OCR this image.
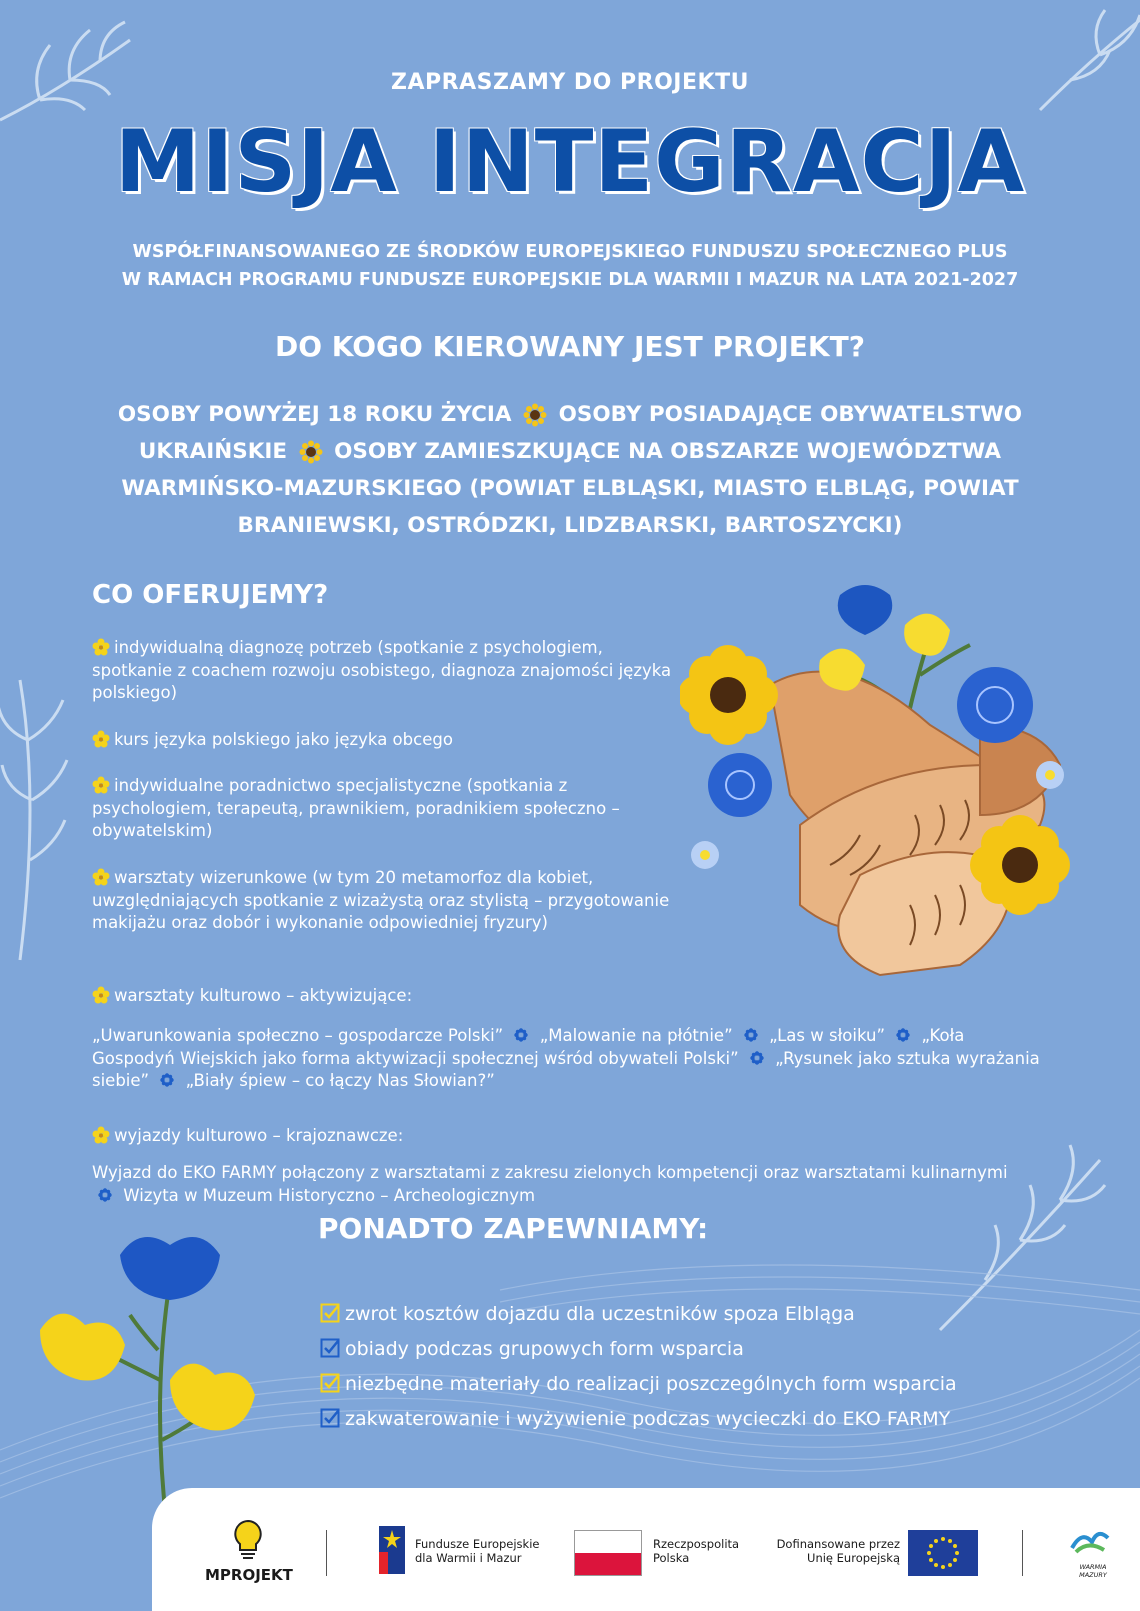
ZAPRASZAMY DO PROJEKTU
MISJA INTEGRACJA
WSPÓŁFINANSOWANEGO ZE ŚRODKÓW EUROPEJSKIEGO FUNDUSZU SPOŁECZNEGO PLUS
W RAMACH PROGRAMU FUNDUSZE EUROPEJSKIE DLA WARMII I MAZUR NA LATA 2021-2027
DO KOGO KIEROWANY JEST PROJEKT?
OSOBY POWYŻEJ 18 ROKU ŻYCIA OSOBY POSIADAJĄCE OBYWATELSTWO UKRAIŃSKIE OSOBY ZAMIESZKUJĄCE NA OBSZARZE WOJEWÓDZTWA WARMIŃSKO-MAZURSKIEGO (POWIAT ELBLĄSKI, MIASTO ELBLĄG, POWIAT BRANIEWSKI, OSTRÓDZKI, LIDZBARSKI, BARTOSZYCKI)
CO OFERUJEMY?
indywidualną diagnozę potrzeb (spotkanie z psychologiem, spotkanie z coachem rozwoju osobistego, diagnoza znajomości języka polskiego)
kurs języka polskiego jako języka obcego
indywidualne poradnictwo specjalistyczne (spotkania z psychologiem, terapeutą, prawnikiem, poradnikiem społeczno – obywatelskim)
warsztaty wizerunkowe (w tym 20 metamorfoz dla kobiet, uwzględniających spotkanie z wizażystą oraz stylistą – przygotowanie makijażu oraz dobór i wykonanie odpowiedniej fryzury)
warsztaty kulturowo – aktywizujące:
„Uwarunkowania społeczno – gospodarcze Polski” „Malowanie na płótnie” „Las w słoiku” „Koła Gospodyń Wiejskich jako forma aktywizacji społecznej wśród obywateli Polski” „Rysunek jako sztuka wyrażania siebie” „Biały śpiew – co łączy Nas Słowian?”
wyjazdy kulturowo – krajoznawcze:
Wyjazd do EKO FARMY połączony z warsztatami z zakresu zielonych kompetencji oraz warsztatami kulinarnymi  Wizyta w Muzeum Historyczno – Archeologicznym
PONADTO ZAPEWNIAMY:
zwrot kosztów dojazdu dla uczestników spoza Elbląga
obiady podczas grupowych form wsparcia
niezbędne materiały do realizacji poszczególnych form wsparcia
zakwaterowanie i wyżywienie podczas wycieczki do EKO FARMY
MPROJEKT
Fundusze Europejskie
dla Warmii i Mazur
Rzeczpospolita
Polska
Dofinansowane przez
Unię Europejską
WARMIA MAZURY
